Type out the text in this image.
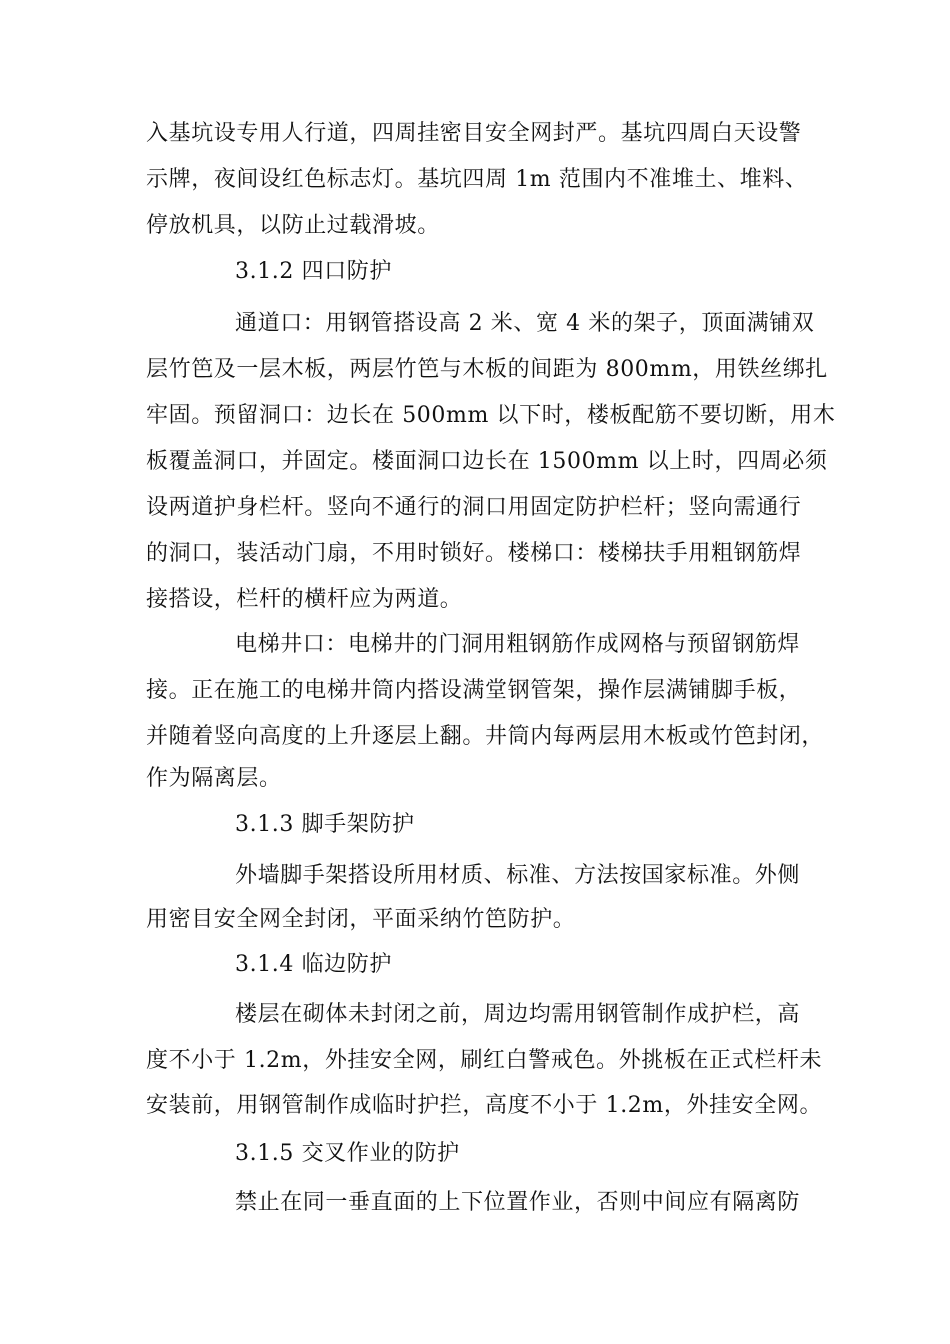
入基坑设专用人行道，四周挂密目安全网封严。基坑四周白天设警
示牌，夜间设红色标志灯。基坑四周 1m 范围内不准堆土、堆料、
停放机具，以防止过载滑坡。
3.1.2 四口防护
通道口：用钢管搭设高 2 米、宽 4 米的架子，顶面满铺双
层竹笆及一层木板，两层竹笆与木板的间距为 800mm，用铁丝绑扎
牢固。预留洞口：边长在 500mm 以下时，楼板配筋不要切断，用木
板覆盖洞口，并固定。楼面洞口边长在 1500mm 以上时，四周必须
设两道护身栏杆。竖向不通行的洞口用固定防护栏杆；竖向需通行
的洞口，装活动门扇，不用时锁好。楼梯口：楼梯扶手用粗钢筋焊
接搭设，栏杆的横杆应为两道。
电梯井口：电梯井的门洞用粗钢筋作成网格与预留钢筋焊
接。正在施工的电梯井筒内搭设满堂钢管架，操作层满铺脚手板，
并随着竖向高度的上升逐层上翻。井筒内每两层用木板或竹笆封闭，
作为隔离层。
3.1.3 脚手架防护
外墙脚手架搭设所用材质、标准、方法按国家标准。外侧
用密目安全网全封闭，平面采纳竹笆防护。
3.1.4 临边防护
楼层在砌体未封闭之前，周边均需用钢管制作成护栏，高
度不小于 1.2m，外挂安全网，刷红白警戒色。外挑板在正式栏杆未
安装前，用钢管制作成临时护拦，高度不小于 1.2m，外挂安全网。
3.1.5 交叉作业的防护
禁止在同一垂直面的上下位置作业，否则中间应有隔离防
